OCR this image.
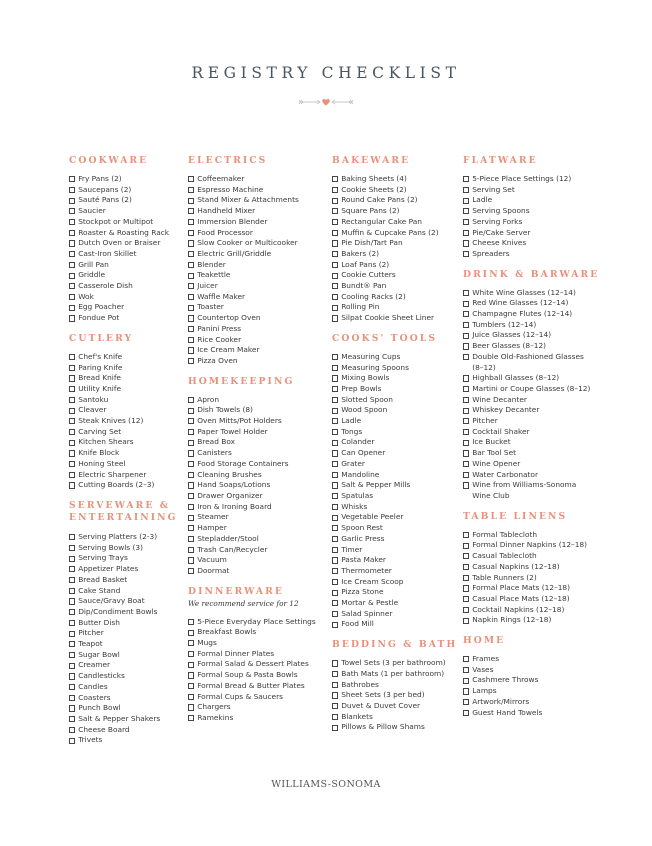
REGISTRY CHECKLIST
COOKWARE
Fry Pans (2)
Saucepans (2)
Sauté Pans (2)
Saucier
Stockpot or Multipot
Roaster & Roasting Rack
Dutch Oven or Braiser
Cast-Iron Skillet
Grill Pan
Griddle
Casserole Dish
Wok
Egg Poacher
Fondue Pot
CUTLERY
Chef's Knife
Paring Knife
Bread Knife
Utility Knife
Santoku
Cleaver
Steak Knives (12)
Carving Set
Kitchen Shears
Knife Block
Honing Steel
Electric Sharpener
Cutting Boards (2–3)
SERVEWARE & ENTERTAINING
Serving Platters (2-3)
Serving Bowls (3)
Serving Trays
Appetizer Plates
Bread Basket
Cake Stand
Sauce/Gravy Boat
Dip/Condiment Bowls
Butter Dish
Pitcher
Teapot
Sugar Bowl
Creamer
Candlesticks
Candles
Coasters
Punch Bowl
Salt & Pepper Shakers
Cheese Board
Trivets
ELECTRICS
Coffeemaker
Espresso Machine
Stand Mixer & Attachments
Handheld Mixer
Immersion Blender
Food Processor
Slow Cooker or Multicooker
Electric Grill/Griddle
Blender
Teakettle
Juicer
Waffle Maker
Toaster
Countertop Oven
Panini Press
Rice Cooker
Ice Cream Maker
Pizza Oven
HOMEKEEPING
Apron
Dish Towels (8)
Oven Mitts/Pot Holders
Paper Towel Holder
Bread Box
Canisters
Food Storage Containers
Cleaning Brushes
Hand Soaps/Lotions
Drawer Organizer
Iron & Ironing Board
Steamer
Hamper
Stepladder/Stool
Trash Can/Recycler
Vacuum
Doormat
DINNERWARE
We recommend service for 12
5-Piece Everyday Place Settings
Breakfast Bowls
Mugs
Formal Dinner Plates
Formal Salad & Dessert Plates
Formal Soup & Pasta Bowls
Formal Bread & Butter Plates
Formal Cups & Saucers
Chargers
Ramekins
BAKEWARE
Baking Sheets (4)
Cookie Sheets (2)
Round Cake Pans (2)
Square Pans (2)
Rectangular Cake Pan
Muffin & Cupcake Pans (2)
Pie Dish/Tart Pan
Bakers (2)
Loaf Pans (2)
Cookie Cutters
Bundt® Pan
Cooling Racks (2)
Rolling Pin
Silpat Cookie Sheet Liner
COOKS' TOOLS
Measuring Cups
Measuring Spoons
Mixing Bowls
Prep Bowls
Slotted Spoon
Wood Spoon
Ladle
Tongs
Colander
Can Opener
Grater
Mandoline
Salt & Pepper Mills
Spatulas
Whisks
Vegetable Peeler
Spoon Rest
Garlic Press
Timer
Pasta Maker
Thermometer
Ice Cream Scoop
Pizza Stone
Mortar & Pestle
Salad Spinner
Food Mill
BEDDING & BATH
Towel Sets (3 per bathroom)
Bath Mats (1 per bathroom)
Bathrobes
Sheet Sets (3 per bed)
Duvet & Duvet Cover
Blankets
Pillows & Pillow Shams
FLATWARE
5-Piece Place Settings (12)
Serving Set
Ladle
Serving Spoons
Serving Forks
Pie/Cake Server
Cheese Knives
Spreaders
DRINK & BARWARE
White Wine Glasses (12–14)
Red Wine Glasses (12–14)
Champagne Flutes (12–14)
Tumblers (12–14)
Juice Glasses (12–14)
Beer Glasses (8–12)
Double Old-Fashioned Glasses (8–12)
Highball Glasses (8–12)
Martini or Coupe Glasses (8–12)
Wine Decanter
Whiskey Decanter
Pitcher
Cocktail Shaker
Ice Bucket
Bar Tool Set
Wine Opener
Water Carbonator
Wine from Williams-Sonoma Wine Club
TABLE LINENS
Formal Tablecloth
Formal Dinner Napkins (12–18)
Casual Tablecloth
Casual Napkins (12–18)
Table Runners (2)
Formal Place Mats (12–18)
Casual Place Mats (12–18)
Cocktail Napkins (12–18)
Napkin Rings (12–18)
HOME
Frames
Vases
Cashmere Throws
Lamps
Artwork/Mirrors
Guest Hand Towels
WILLIAMS-SONOMA
